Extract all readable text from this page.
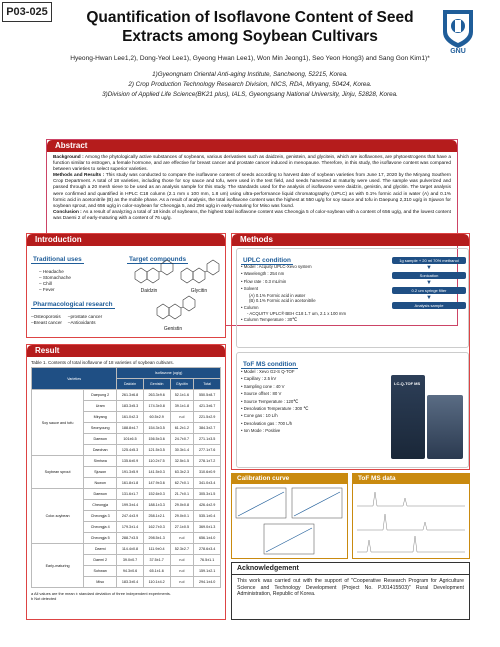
P03-025	Quantification of Isoflavone Content of Seed
Extracts among Soybean Cultivars
GNU
Hyeong-Hwan Lee1,2), Dong-Yeol Lee1), Gyeong Hwan Lee1), Won Min Jeong1), Seo Yeon Hong3) and Sang Gon Kim1)*
1)Gyeongnam Oriental Anti-aging Institute, Sancheong, 52215, Korea.
2) Crop Production Technology Research Division, NICS, RDA, Miryang, 50424, Korea.
3)Division of Applied Life Science(BK21 plus), IALS, Gyeongsang National University, Jinju, 52828, Korea.
Abstract

Background : Among the phytologically active substances of soybeans, various derivatives such as daidzein, genistein, and glycitein, which are isoflavones, are phytoestrogens that have a function similar to estrogen, a female hormone, and are effective for breast cancer and prostate cancer induced in menopause. Therefore, in this study, the isoflavone content was compared between varieties to select superior varieties.

Methods and Results : This study was conducted to compare the isoflavone content of seeds according to harvest date of soybean varieties from June 17, 2020 by the Miryang Southern Crop Department. A total of 18 varieties, including those for soy sauce and tofu, were used in the test field, and seeds harvested at maturity were used. The sample was pulverized and passed through a 20 mesh sieve to be used as an analysis sample for this study. The standards used for the analysis of isoflavone were daidzin, genistin, and glycitin. The target analysis were confirmed and quantified in HPLC C18 column (2.1 mm x 100 mm, 1.8 um) using ultra-performance liquid chromatography (UPLC) as with 0.1% formic acid in water (A) and 0.1% formic acid in acetonitrile (B) as the mobile phase. As a result of analysis, the total isoflavone content was the highest at 550 ug/g for soy sauce and tofu in Daepung 2,310 ug/g in Sjuwon for soybean sprout, and 656 ug/g in color-soybean for Cheongja 5, and 294 ug/g in early-maturing for Miso was found.

Conclusion : As a result of analyzing a total of 18 kinds of soybeans, the highest total isoflavone content was Cheongja 5 of color-soybean with a content of 656 ug/g, and the lowest content was Daemi 2 of early-maturing with a content of 76 ug/g.

Introduction
Traditional uses
– Headache
– Stomachache
– Chill
– Fever
Pharmacological research
–Osteoporosis
–Breast cancer
–prostate cancer
–Antioxidants
Target compounds
Daidzin	Glycitin
Genistin
Methods
UPLC condition
• Model : Acquity UPLC-Xevo system
• Wavelength : 254 nm
• Flow rate : 0.3 mL/min
• Solvent
(A) 0.1% Formic acid in water
(B) 0.1% Formic acid in acetonitrile
• Column
- ACQUITY UPLC® BEH C18 1.7 um, 2.1 x 100 mm
• Column Temperature : 30℃
1g sample + 20 ml 70% methanol
▼
Sonication
▼
0.2 um syringe filter
▼
Analysis sample
ToF MS condition
• Model : Xevo G2-S Q-TOF
• Capillary : 2.5 kV
• Sampling cone : 40 V
• Source offset : 80 V
• Source Temperature : 120℃
• Desolvation Temperature : 300 ℃
• Cone gas : 10 L/h
• Desolvation gas : 700 L/h
• Ion Mode : Positive
LC-Q-TOF MS
Result
Table 1. Contents of total isoflavone of 18 varieties of soybean cultivars.
Varieties		Isoflavone (ug/g)			
		Daidzin	Genistin	Glycitin	Total
Soy sauce and tofu	Daepung 2	261.3±6.8	263.3±9.6	52.1±1.6	550.5±8.7
	Uram	183.3±5.3	174.3±0.8	39.1±1.8	421.3±6.7
	Miryang	161.0±2.3	60.5±2.9	n.d	221.5±2.9
	Seonyoung	188.8±4.7	154.3±3.5	61.2±1.2	384.3±2.7
	Daewon	101±6.5	156.5±3.6	24.7±0.7	271.1±3.5
	Daechan	125.4±5.3	121.5±3.5	30.3±1.4	277.1±7.6
Soybean sprout	Simhwa	135.6±0.9	110.2±7.5	32.5±1.5	278.1±7.2
	Sjuwon	191.3±5.9	141.5±0.3	63.3±2.3	310.6±0.9
	Nuwon	161.8±1.8	147.9±3.6	62.7±0.1	341.0±3.4
Color-soybean	Daewon	131.6±1.7	152.6±0.3	21.7±0.1	305.3±1.5
	Cheongja	199.3±4.4	188.1±3.3	29.0±0.8	426.4±2.9
	Cheongja 3	247.4±3.9	258.1±2.1	29.0±0.1	535.1±0.4
	Cheongja 4	179.3±1.4	162.7±0.3	27.1±0.5	369.0±1.3
	Cheongja 5	288.7±3.5	298.5±1.3	n.d	656.1±4.0
Early-maturing	Daemi	114.4±0.8	111.9±0.4	52.3±2.7	278.6±3.4
	Daemi 2	39.0±0.7	37.5±1.7	n.d	76.5±1.1
	Sohwan	94.3±0.6	65.1±1.6	n.d	159.1±2.1
	Miso	183.3±0.4	110.1±4.2	n.d	294.1±4.0
a All values are the mean ± standard deviation of three independent experiments.
b Not detected
Calibration curve	ToF MS data
Acknowledgement
This work was carried out with the support of "Cooperative Research Program for Agriculture Science and Technology Development (Project No. PJ01415503)" Rural Development Administration, Republic of Korea.
